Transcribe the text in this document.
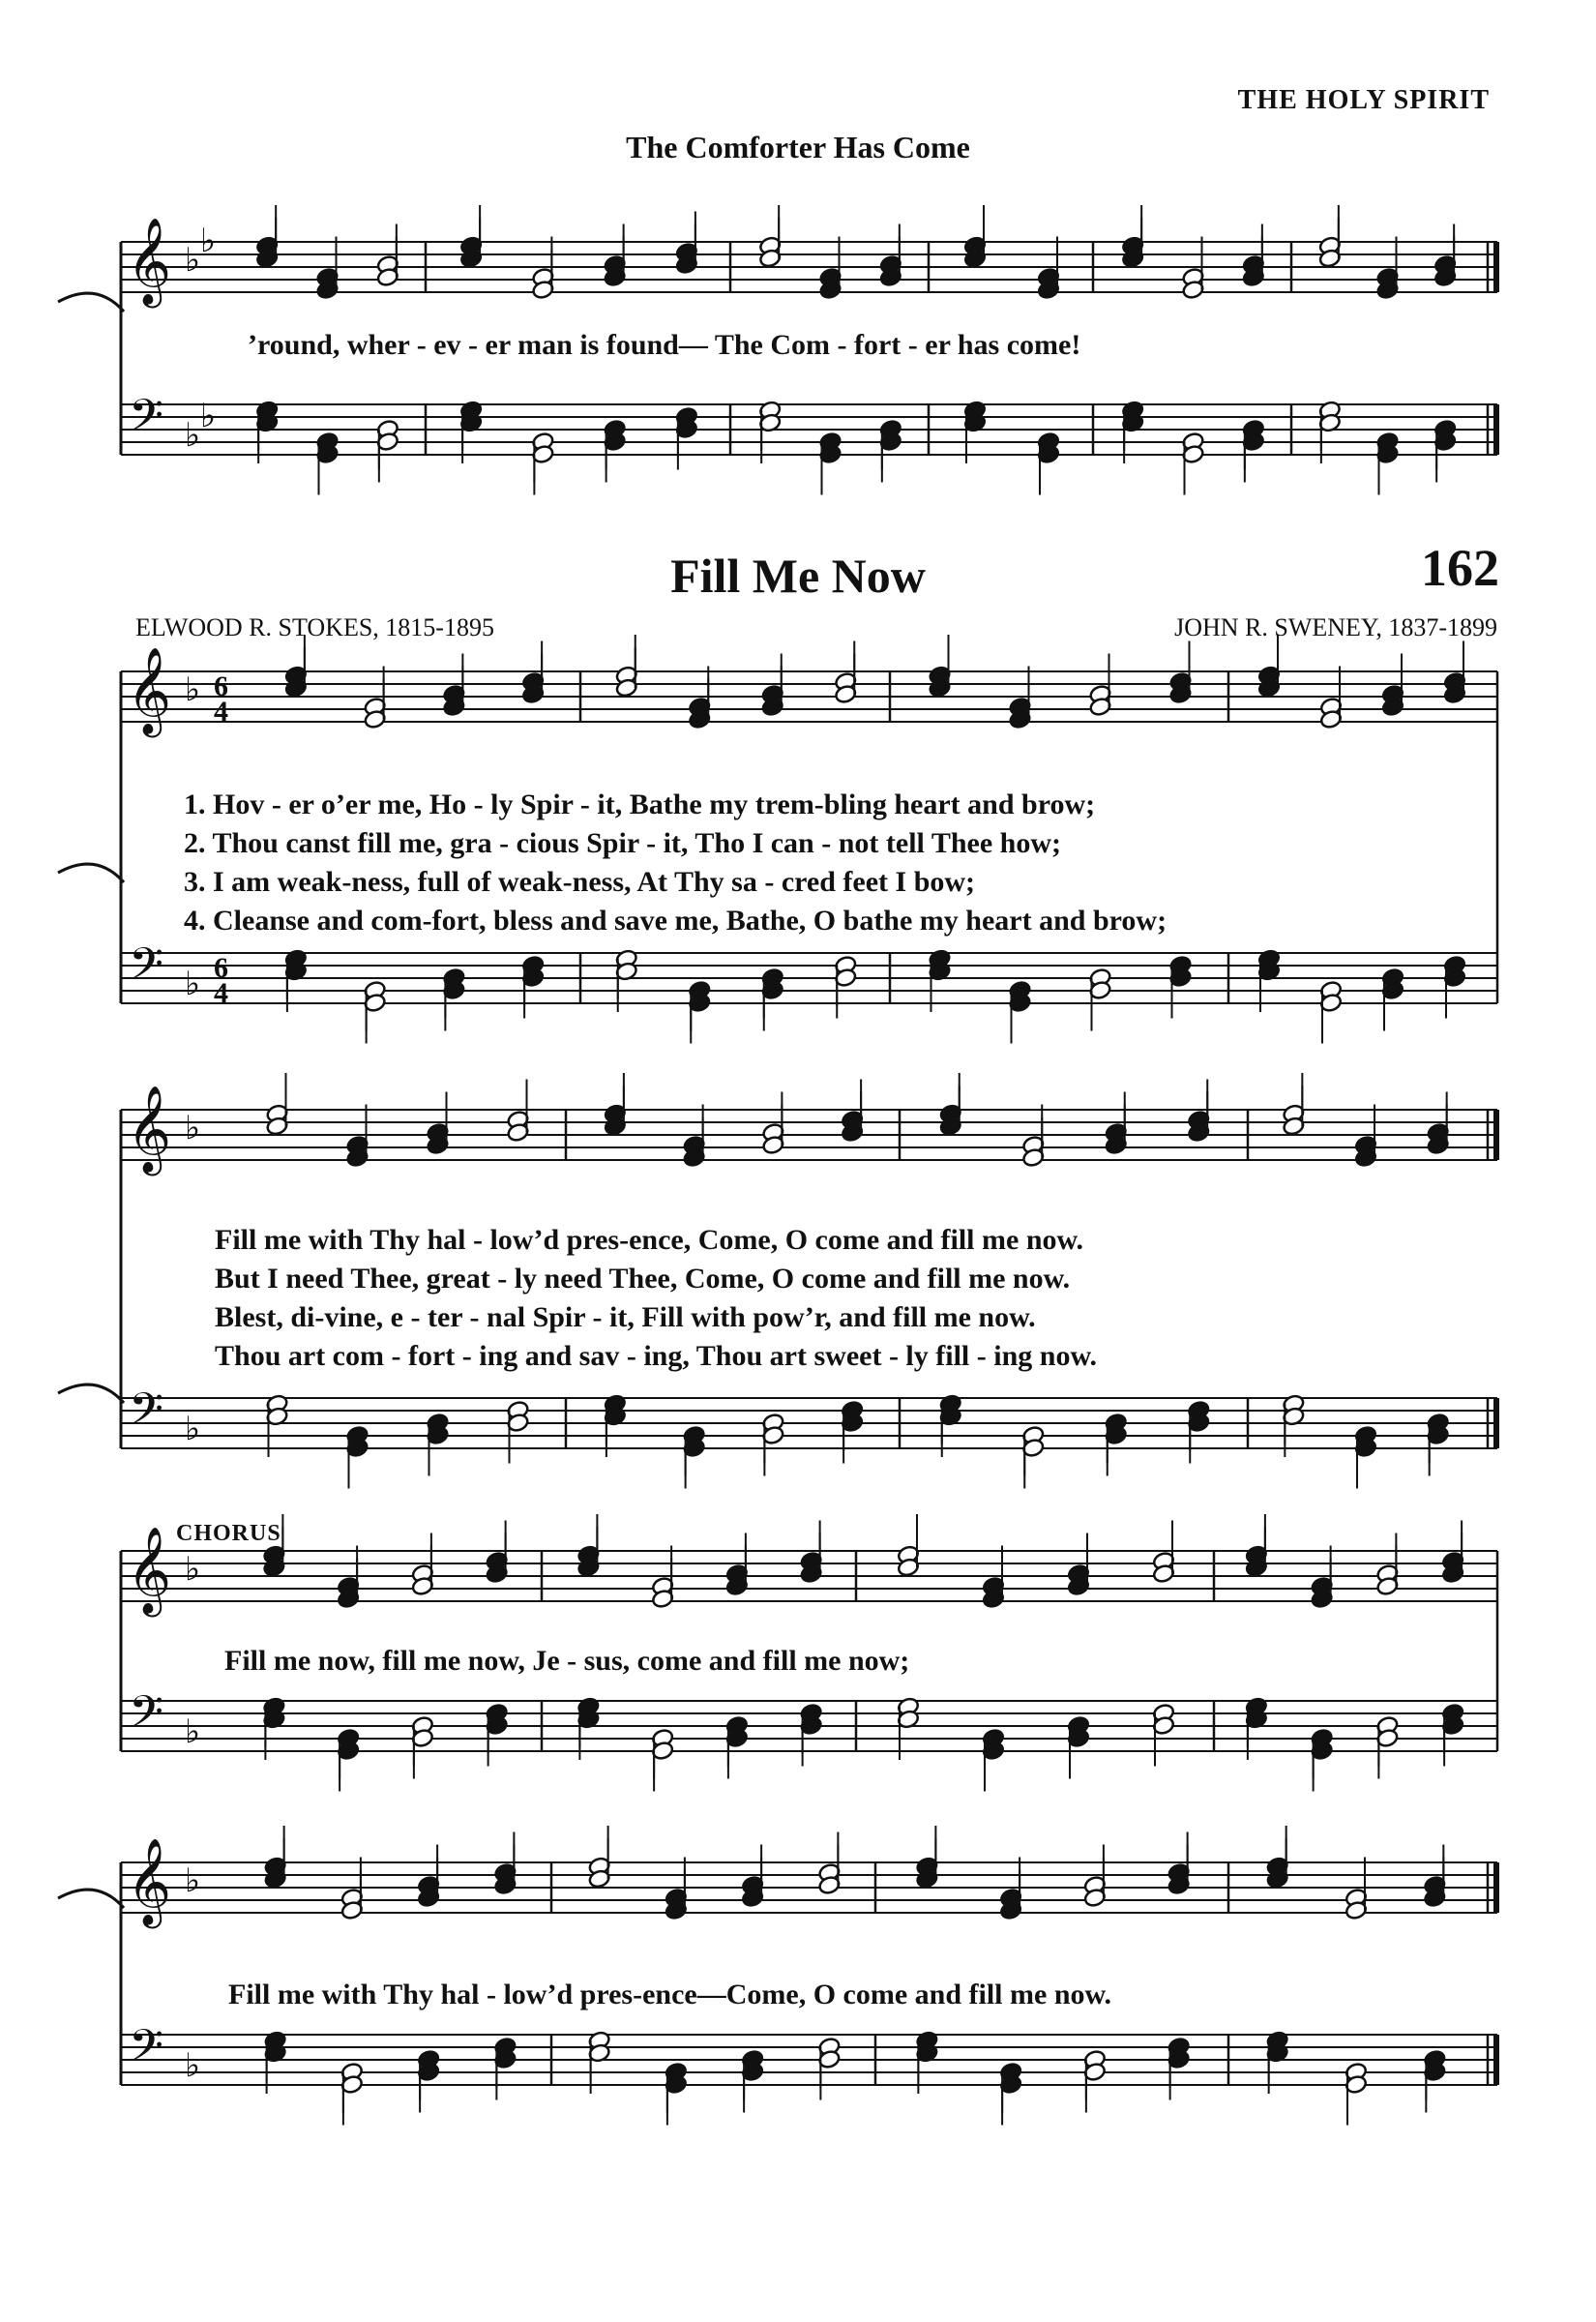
THE HOLY SPIRIT
The Comforter Has Come
’round, wher - ev - er man is found— The Com - fort - er has come!
Fill Me Now	162
ELWOOD R. STOKES, 1815-1895	JOHN R. SWENEY, 1837-1899
1. Hov - er o’er me, Ho - ly Spir - it, Bathe my trem-bling heart and brow;
2. Thou canst fill me, gra - cious Spir - it, Tho I can - not tell Thee how;
3. I am weak-ness, full of weak-ness, At Thy sa - cred feet I bow;
4. Cleanse and com-fort, bless and save me, Bathe, O bathe my heart and brow;
Fill me with Thy hal - low’d pres-ence, Come, O come and fill me now.
But I need Thee, great - ly need Thee, Come, O come and fill me now.
Blest, di-vine, e - ter - nal Spir - it, Fill with pow’r, and fill me now.
Thou art com - fort - ing and sav - ing, Thou art sweet - ly fill - ing now.
CHORUS
Fill me now, fill me now, Je - sus, come and fill me now;
Fill me with Thy hal - low’d pres-ence—Come, O come and fill me now.
𝄞
𝄢
♭
♭
♭
♭
𝄞
𝄢
♭
♭
6
4
6
4
𝄞
𝄢
♭
♭
𝄞
𝄢
♭
♭
𝄞
𝄢
♭
♭
